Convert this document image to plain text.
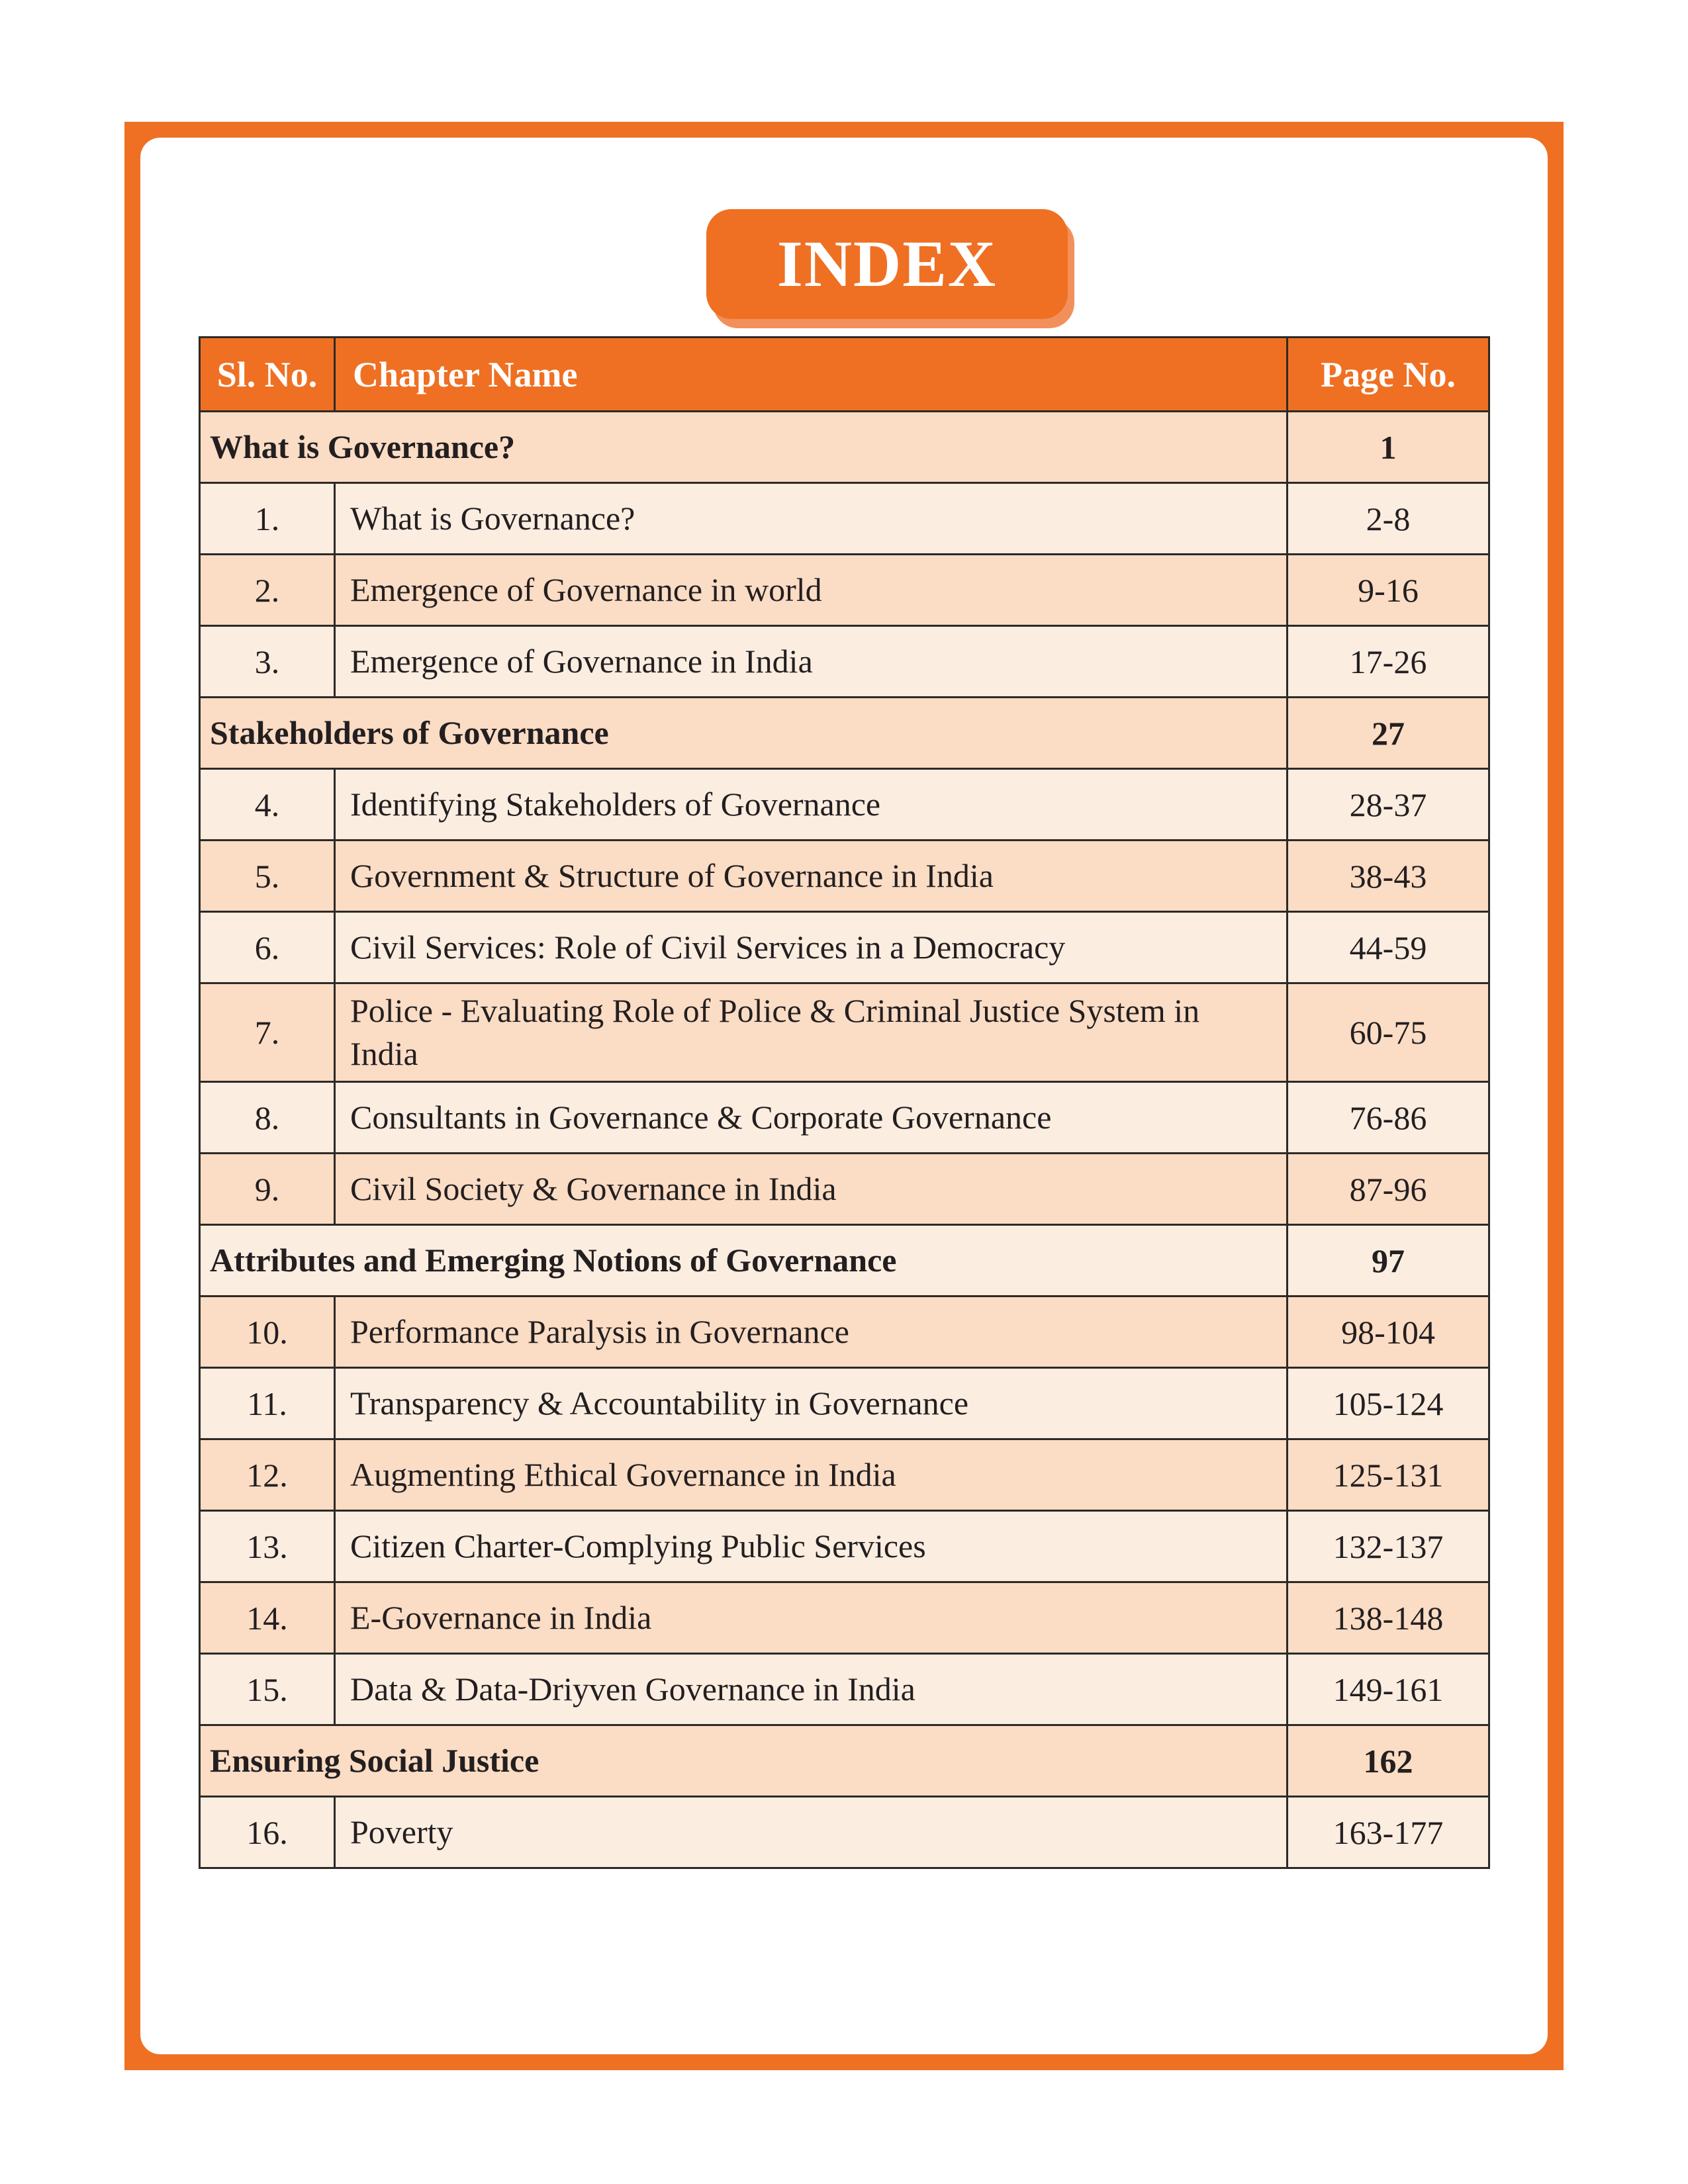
INDEX
Sl. No.	Chapter Name	Page No.
What is Governance?		1
1.	What is Governance?	2-8
2.	Emergence of Governance in world	9-16
3.	Emergence of Governance in India	17-26
Stakeholders of Governance		27
4.	Identifying Stakeholders of Governance	28-37
5.	Government & Structure of Governance in India	38-43
6.	Civil Services: Role of Civil Services in a Democracy	44-59
7.	Police - Evaluating Role of Police & Criminal Justice System in India	60-75
8.	Consultants in Governance & Corporate Governance	76-86
9.	Civil Society & Governance in India	87-96
Attributes and Emerging Notions of Governance		97
10.	Performance Paralysis in Governance	98-104
11.	Transparency & Accountability in Governance	105-124
12.	Augmenting Ethical Governance in India	125-131
13.	Citizen Charter-Complying Public Services	132-137
14.	E-Governance in India	138-148
15.	Data & Data-Driyven Governance in India	149-161
Ensuring Social Justice		162
16.	Poverty	163-177
